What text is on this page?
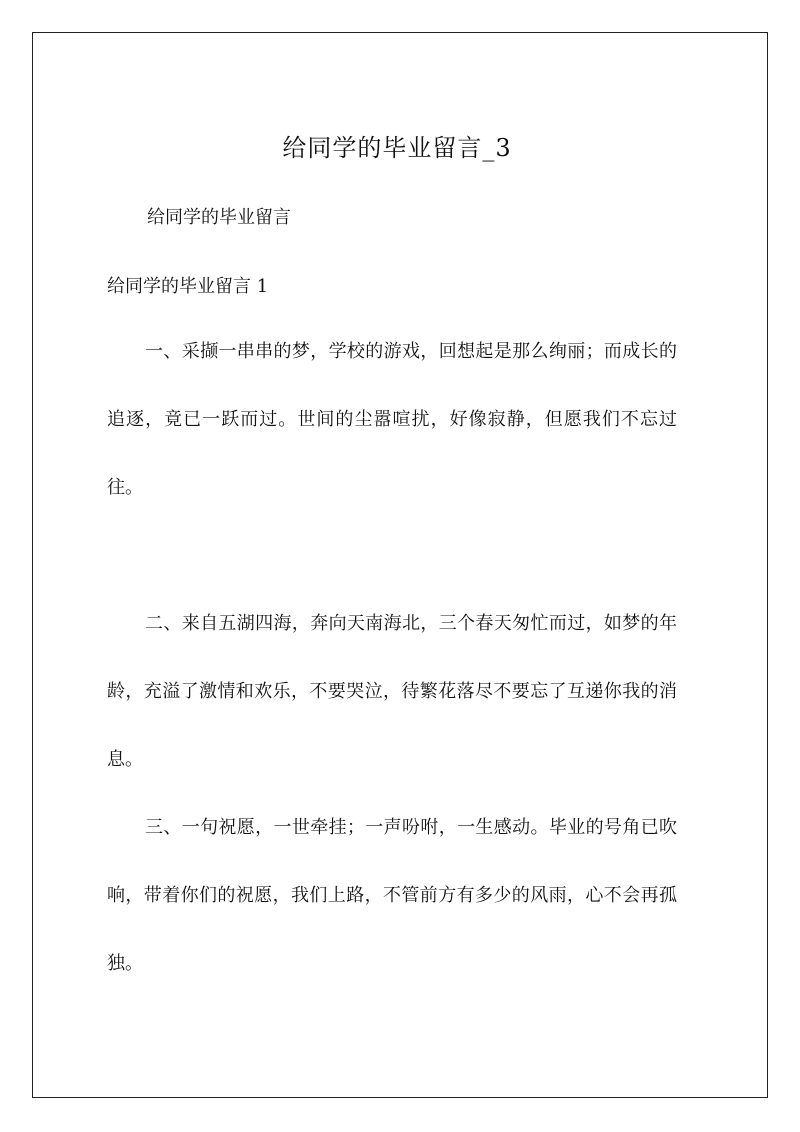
给同学的毕业留言_3
给同学的毕业留言
给同学的毕业留言 1
一、采撷一串串的梦，学校的游戏，回想起是那么绚丽；而成长的追逐，竟已一跃而过。世间的尘嚣喧扰，好像寂静，但愿我们不忘过往。
二、来自五湖四海，奔向天南海北，三个春天匆忙而过，如梦的年龄，充溢了激情和欢乐，不要哭泣，待繁花落尽不要忘了互递你我的消息。
三、一句祝愿，一世牵挂；一声吩咐，一生感动。毕业的号角已吹响，带着你们的祝愿，我们上路，不管前方有多少的风雨，心不会再孤独。
